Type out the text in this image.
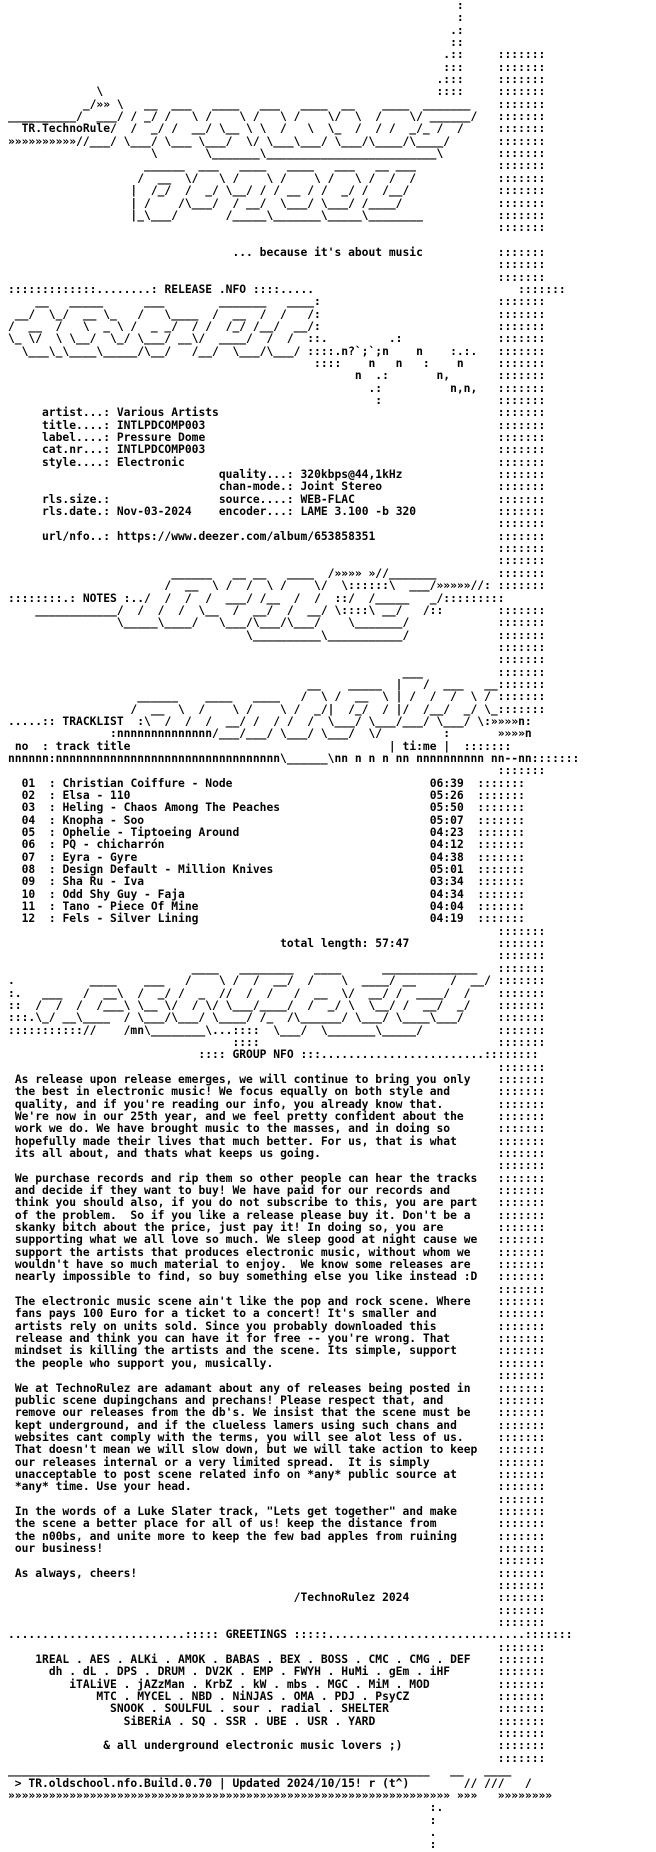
:
:
.:
::
.::     :::::::
:::     :::::::
.:::     :::::::
\                                                 ::::     :::::::
_/»» \   __  ___   ____   ___   ____  __    ____  _______    :::::::
__________/  ___/ / _/ /   \ /    \ /   \ /    \/  \  /    \/ ______/   :::::::
TR.TechnoRule/  /  _/ /  __/ \__ \ \  /   \  \_  /  / /  _/_ /  /     :::::::
»»»»»»»»»»//___/ \___/ \___ \___/  \/ \___\___/ \___/\____/\____/       :::::::
\       \_______\_________________________\        :::::::
______  ___   ____   ____   ___   __ ___            :::::::
/  __  \/   \ /    \ /    \ /   \ /  /  /            :::::::
|  /_/  /  _/ \__/ / / __ / /  _/ /  /__/             :::::::
| /    /\___/  / __/  \___/ \___/ /____/              :::::::
|_\___/       /_____\_______\_____\________           :::::::
:::::::
... because it's about music           :::::::
:::::::
:::::::
:::::::::::::........: RELEASE .NFO ::::.....                              :::::::
__   _____      ___        _______   ____:                          :::::::
__/  \_/  __ \_   /   \____  /  __  /  /   /:                          :::::::
/  __  /   \  _ \ /  _ _/  / /  /_/ /__/  __/:                          :::::::
\_ \/  \ \__/  \_/ \___/ __\/  ____/  /  /  ::.         .:              :::::::
\___\_\____\_____/\__/   /__/  \___/\___/ ::::.n?`;`;n    n    :.:.   :::::::
::::    n   n   :    n     :::::::
n  .:       n,       :::::::
.:          n,n,   :::::::
:                 :::::::
artist...: Various Artists                                         :::::::
title....: INTLPDCOMP003                                           :::::::
label....: Pressure Dome                                           :::::::
cat.nr...: INTLPDCOMP003                                           :::::::
style....: Electronic                                              :::::::
quality...: 320kbps@44,1kHz              :::::::
chan-mode.: Joint Stereo                 :::::::
rls.size.:                source....: WEB-FLAC                     :::::::
rls.date.: Nov-03-2024    encoder...: LAME 3.100 -b 320            :::::::
:::::::
url/nfo..: https://www.deezer.com/album/653858351                  :::::::
:::::::
:::::::
______   __ __   ____  /»»»» »//_______         :::::::
/  __  \ /  /  \ /    \/  \::::::\  ___/»»»»»//: :::::::
::::::::.: NOTES :../  /  /  /  ___/ /__  /  /  ::/  /_____   _/:::::::::
____________/  /  /  /  \__  /  __/  /  __/ \::::\ __/   /::        :::::::
\_____\____/   \___/\___/\___/    \_______/             :::::::
\__________\___________/             :::::::
:::::::
:::::::
___           :::::::
__    _____  |   /  ___   __:::::::
______    ____   ____   /  \ /  __  \ | /  /  /  \ / :::::::
/  __  \  /    \ /    \ /  _/|  /_/  / |/  /__/  _/ \_:::::::
.....:: TRACKLIST  :\  /  /  /  __/ /  / /  /  \___/ \___/___/ \___/ \:»»»»n:
:nnnnnnnnnnnnnn/___/___/ \___/ \___/  \/         :       »»»»n
no  : track title                                      | ti:me |  :::::::
nnnnnn:nnnnnnnnnnnnnnnnnnnnnnnnnnnnnnnnn\______\nn n n n nn nnnnnnnnnn nn--nn:::::::
:::::::
01  : Christian Coiffure - Node	06:39  :::::::
02  : Elsa - 110	05:26  :::::::
03  : Heling - Chaos Among The Peaches	05:50  :::::::
04  : Knopha - Soo	05:07  :::::::
05  : Ophelie - Tiptoeing Around	04:23  :::::::
06  : PQ - chicharrón	04:12  :::::::
07  : Eyra - Gyre	04:38  :::::::
08  : Design Default - Million Knives	05:01  :::::::
09  : Sha Ru - Iva	03:34  :::::::
10  : Odd Shy Guy - Faja	04:34  :::::::
11  : Tano - Piece Of Mine	04:04  :::::::
12  : Fels - Silver Lining	04:19  :::::::
:::::::
total length: 57:47             :::::::
:::::::
____   ________   ____      ______________   :::::::
.           ____    ___   /    \ /  /  __/  /    \  ____/ __     /  __/ :::::::
:.   ___   /  __\  /  _/ /  _  //  /  /   /  __  \/  __/ /  ____/  /    :::::::
::  /  /  /  /___\ \__ \/  / \/ \___/____/  /  _/ \  \__/ /  __/  _/    :::::::
:::.\_/ __\____  / \___/\___/ \____/ /_  /\______/ \___/ \____\___/     :::::::
::::::::::://    /mn\________\...::::  \___/  \_______\_____/           :::::::
::::                                   :::::::
:::: GROUP NFO :::........................::::::::
:::::::
As release upon release emerges, we will continue to bring you only    :::::::
the best in electronic music! We focus equally on both style and       :::::::
quality, and if you're reading our info, you already know that.        :::::::
We're now in our 25th year, and we feel pretty confident about the     :::::::
work we do. We have brought music to the masses, and in doing so       :::::::
hopefully made their lives that much better. For us, that is what      :::::::
its all about, and thats what keeps us going.                          :::::::
:::::::
We purchase records and rip them so other people can hear the tracks   :::::::
and decide if they want to buy! We have paid for our records and       :::::::
think you should also, if you do not subscribe to this, you are part   :::::::
of the problem.  So if you like a release please buy it. Don't be a    :::::::
skanky bitch about the price, just pay it! In doing so, you are        :::::::
supporting what we all love so much. We sleep good at night cause we   :::::::
support the artists that produces electronic music, without whom we    :::::::
wouldn't have so much material to enjoy.  We know some releases are    :::::::
nearly impossible to find, so buy something else you like instead :D   :::::::
:::::::
The electronic music scene ain't like the pop and rock scene. Where    :::::::
fans pays 100 Euro for a ticket to a concert! It's smaller and         :::::::
artists rely on units sold. Since you probably downloaded this         :::::::
release and think you can have it for free -- you're wrong. That       :::::::
mindset is killing the artists and the scene. Its simple, support      :::::::
the people who support you, musically.                                 :::::::
:::::::
We at TechnoRulez are adamant about any of releases being posted in    :::::::
public scene dupingchans and prechans! Please respect that, and        :::::::
remove our releases from the db's. We insist that the scene must be    :::::::
kept underground, and if the clueless lamers using such chans and      :::::::
websites cant comply with the terms, you will see alot less of us.     :::::::
That doesn't mean we will slow down, but we will take action to keep   :::::::
our releases internal or a very limited spread.  It is simply          :::::::
unacceptable to post scene related info on *any* public source at      :::::::
*any* time. Use your head.                                             :::::::
:::::::
In the words of a Luke Slater track, "Lets get together" and make      :::::::
the scene a better place for all of us! keep the distance from         :::::::
the n00bs, and unite more to keep the few bad apples from ruining      :::::::
our business!                                                          :::::::
:::::::
As always, cheers!                                                     :::::::
:::::::
/TechnoRulez 2024             :::::::
:::::::
:::::::
..........................::::: GREETINGS :::::.............................:::::::
:::::::
1REAL . AES . ALKi . AMOK . BABAS . BEX . BOSS . CMC . CMG . DEF    :::::::
dh . dL . DPS . DRUM . DV2K . EMP . FWYH . HuMi . gEm . iHF       :::::::
iTALiVE . jAZzMan . KrbZ . kW . mbs . MGC . MiM . MOD          :::::::
MTC . MYCEL . NBD . NiNJAS . OMA . PDJ . PsyCZ             :::::::
SNOOK . SOULFUL . sour . radial . SHELTER                :::::::
SiBERiA . SQ . SSR . UBE . USR . YARD                  :::::::
:::::::
& all underground electronic music lovers ;)              :::::::
:::::::
______________________________________________________________   __   ____
> TR.oldschool.nfo.Build.0.70 | Updated 2024/10/15! r (t^)        // ///   /
»»»»»»»»»»»»»»»»»»»»»»»»»»»»»»»»»»»»»»»»»»»»»»»»»»»»»»»»»»»»»»»»» »»»   »»»»»»»»
:.
:
.
:
